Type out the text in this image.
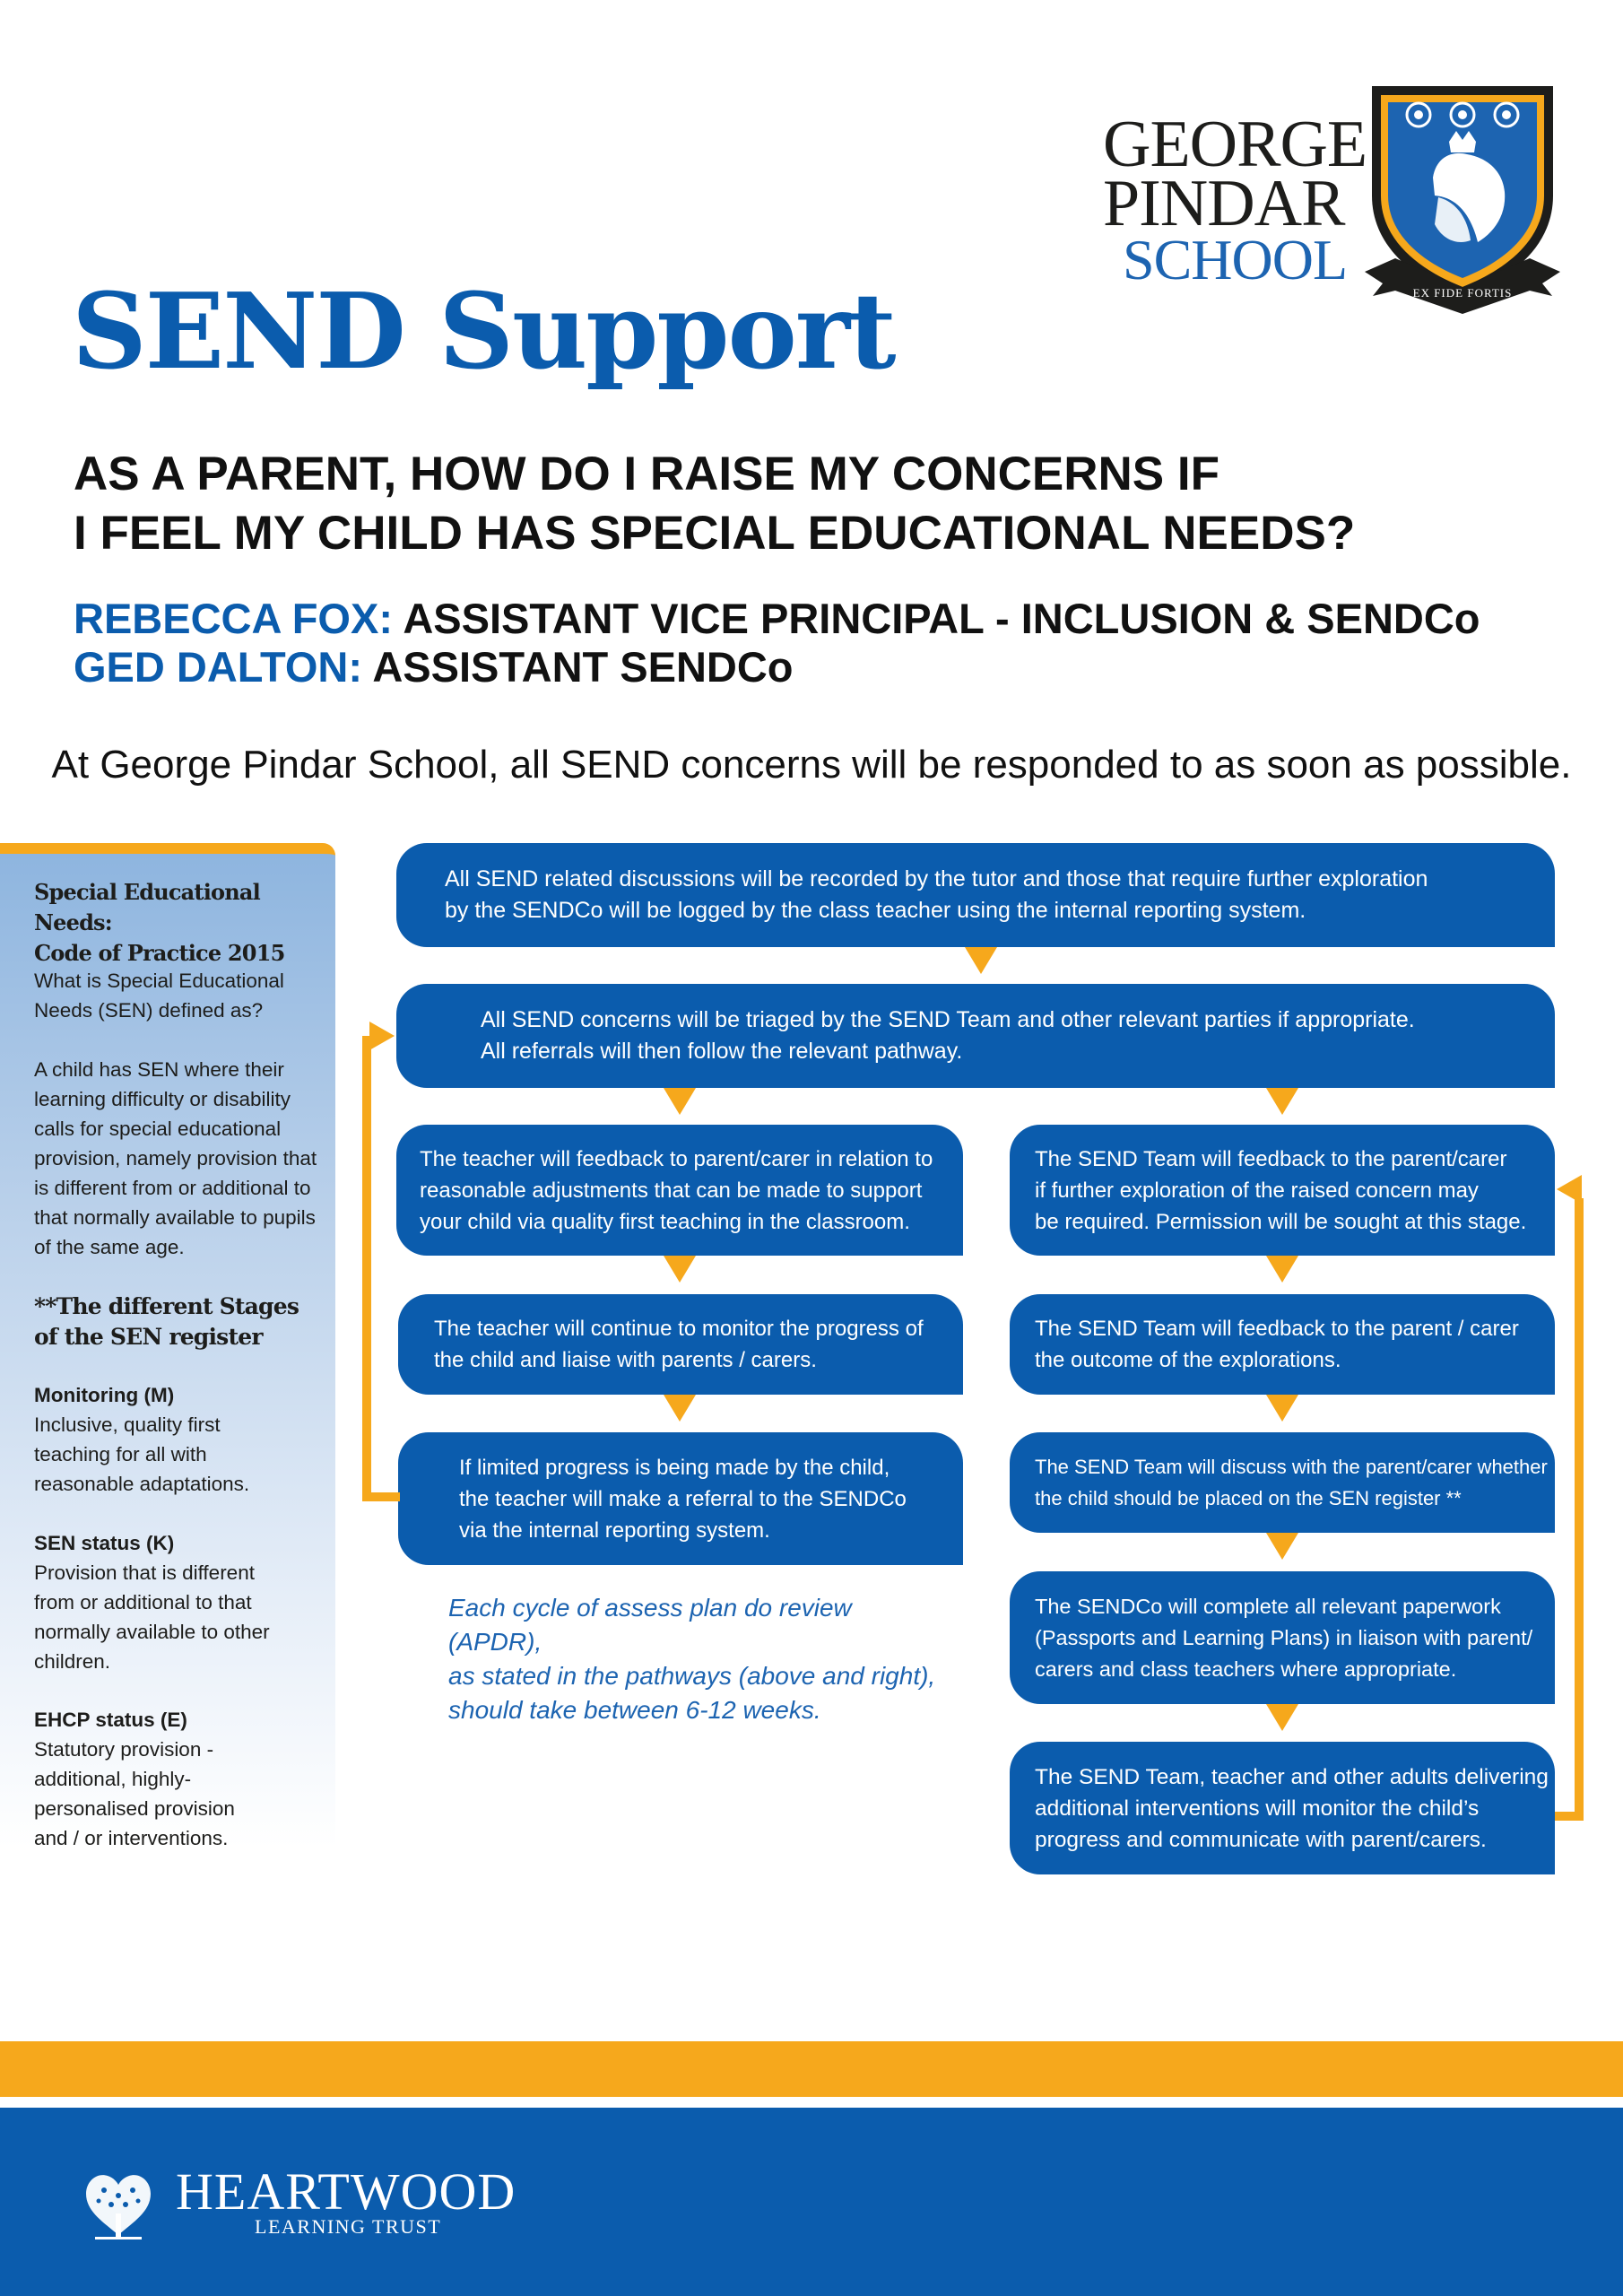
GEORGE
PINDAR
SCHOOL
EX FIDE FORTIS
SEND Support
AS A PARENT, HOW DO I RAISE MY CONCERNS IF
I FEEL MY CHILD HAS SPECIAL EDUCATIONAL NEEDS?
REBECCA FOX: ASSISTANT VICE PRINCIPAL - INCLUSION & SENDCo
GED DALTON: ASSISTANT SENDCo
At George Pindar School, all SEND concerns will be responded to as soon as possible.

Special Educational Needs:

Code of Practice 2015

What is Special Educational

Needs (SEN) defined as?

A child has SEN where their

learning difficulty or disability

calls for special educational

provision, namely provision that

is different from or additional to

that normally available to pupils

of the same age.

**The different Stages

of the SEN register

Monitoring (M)

Inclusive, quality first

teaching for all with

reasonable adaptations.

SEN status (K)

Provision that is different

from or additional to that

normally available to other

children.

EHCP status (E)

Statutory provision -

additional, highly-

personalised provision

and / or interventions.

All SEND related discussions will be recorded by the tutor and those that require further exploration
by the SENDCo will be logged by the class teacher using the internal reporting system.
All SEND concerns will be triaged by the SEND Team and other relevant parties if appropriate.
All referrals will then follow the relevant pathway.
The teacher will feedback to parent/carer in relation to
reasonable adjustments that can be made to support
your child via quality first teaching in the classroom.
The teacher will continue to monitor the progress of
the child and liaise with parents / carers.
If limited progress is being made by the child,
the teacher will make a referral to the SENDCo
via the internal reporting system.
Each cycle of assess plan do review (APDR),
as stated in the pathways (above and right),
should take between 6-12 weeks.
The SEND Team will feedback to the parent/carer
if further exploration of the raised concern may
be required. Permission will be sought at this stage.
The SEND Team will feedback to the parent / carer
the outcome of the explorations.
The SEND Team will discuss with the parent/carer whether
the child should be placed on the SEN register **
The SENDCo will complete all relevant paperwork
(Passports and Learning Plans) in liaison with parent/
carers and class teachers where appropriate.
The SEND Team, teacher and other adults delivering
additional interventions will monitor the child’s
progress and communicate with parent/carers.
HEARTWOOD
LEARNING TRUST
